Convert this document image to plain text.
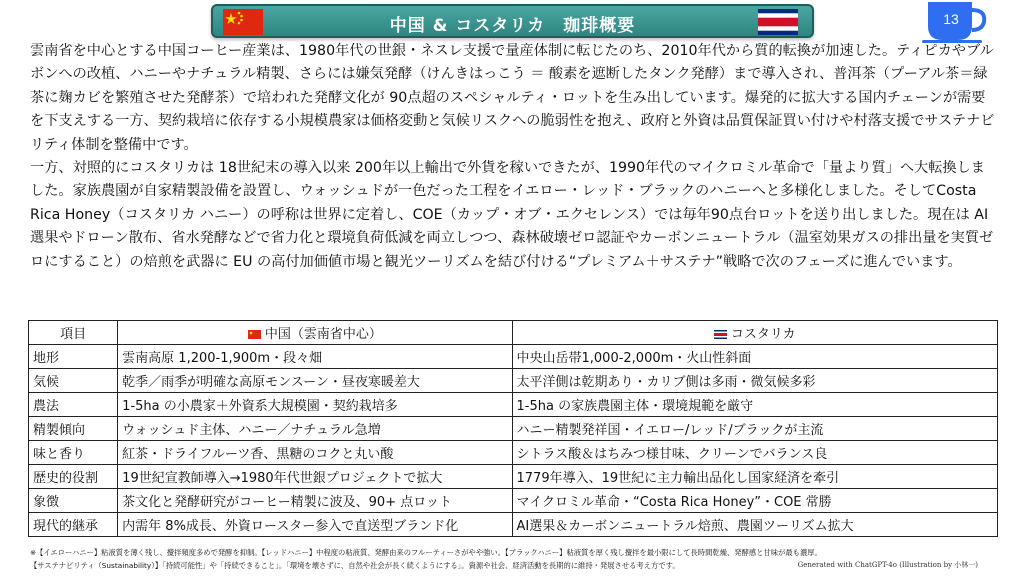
中国 & コスタリカ　珈琲概要	13

雲南省を中心とする中国コーヒー産業は、1980年代の世銀・ネスレ支援で量産体制に転じたのち、2010年代から質的転換が加速した。ティピカやブルボンへの改植、ハニーやナチュラル精製、さらには嫌気発酵（けんきはっこう ＝ 酸素を遮断したタンク発酵）まで導入され、普洱茶（プーアル茶＝緑茶に麹カビを繁殖させた発酵茶）で培われた発酵文化が 90点超のスペシャルティ・ロットを生み出しています。爆発的に拡大する国内チェーンが需要を下支えする一方、契約栽培に依存する小規模農家は価格変動と気候リスクへの脆弱性を抱え、政府と外資は品質保証買い付けや村落支援でサステナビリティ体制を整備中です。

一方、対照的にコスタリカは 18世紀末の導入以来 200年以上輸出で外貨を稼いできたが、1990年代のマイクロミル革命で「量より質」へ大転換しました。家族農園が自家精製設備を設置し、ウォッシュドが一色だった工程をイエロー・レッド・ブラックのハニーへと多様化しました。そしてCosta Rica Honey（コスタリカ ハニー）の呼称は世界に定着し、COE（カップ・オブ・エクセレンス）では毎年90点台ロットを送り出しました。現在は AI 選果やドローン散布、省水発酵などで省力化と環境負荷低減を両立しつつ、森林破壊ゼロ認証やカーボンニュートラル（温室効果ガスの排出量を実質ゼロにすること）の焙煎を武器に EU の高付加価値市場と観光ツーリズムを結び付ける“プレミアム＋サステナ”戦略で次のフェーズに進んでいます。

項目	中国（雲南省中心）	コスタリカ
地形	雲南高原 1,200-1,900m・段々畑	中央山岳帯1,000-2,000m・火山性斜面
気候	乾季／雨季が明確な高原モンスーン・昼夜寒暖差大	太平洋側は乾期あり・カリブ側は多雨・微気候多彩
農法	1-5ha の小農家＋外資系大規模園・契約栽培多	1-5ha の家族農園主体・環境規範を厳守
精製傾向	ウォッシュド主体、ハニー／ナチュラル急増	ハニー精製発祥国・イエロー/レッド/ブラックが主流
味と香り	紅茶・ドライフルーツ香、黒糖のコクと丸い酸	シトラス酸＆はちみつ様甘味、クリーンでバランス良
歴史的役割	19世紀宣教師導入→1980年代世銀プロジェクトで拡大	1779年導入、19世紀に主力輸出品化し国家経済を牽引
象徴	茶文化と発酵研究がコーヒー精製に波及、90+ 点ロット	マイクロミル革命・“Costa Rica Honey”・COE 常勝
現代的継承	内需年 8%成長、外資ロースター参入で直送型ブランド化	AI選果＆カーボンニュートラル焙煎、農園ツーリズム拡大

※【イエローハニー】粘液質を薄く残し、攪拌頻度多めで発酵を抑制。【レッドハニー】中程度の粘液質、発酵由来のフルーティーさがやや強い。【ブラックハニー】粘液質を厚く残し攪拌を最小限にして長時間乾燥、発酵感と甘味が最も濃厚。

【サステナビリティ（Sustainability）】「持続可能性」や「持続できること」。「環境を壊さずに、自然や社会が長く続くようにする」。資源や社会、経済活動を長期的に維持・発展させる考え方です。	Generated with ChatGPT-4o (Illustration by 小林一)
